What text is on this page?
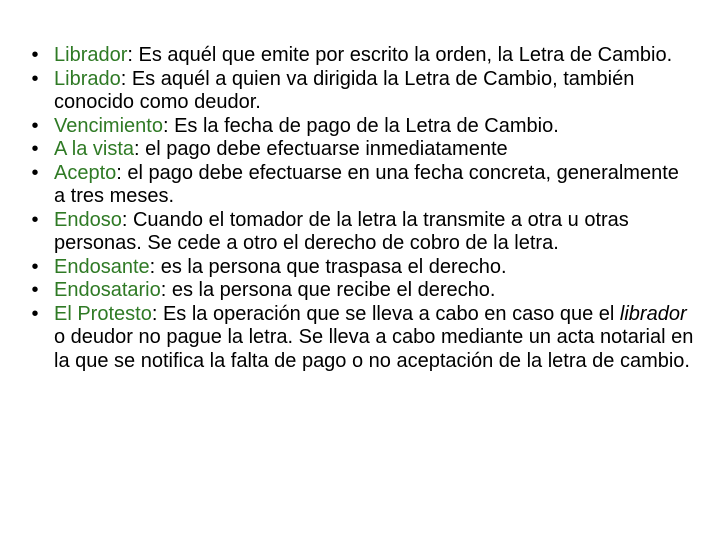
• Librador: Es aquél que emite por escrito la orden, la Letra de Cambio.
• Librado: Es aquél a quien va dirigida la Letra de Cambio, también conocido como deudor.
• Vencimiento: Es la fecha de pago de la Letra de Cambio.
• A la vista: el pago debe efectuarse inmediatamente
• Acepto: el pago debe efectuarse en una fecha concreta, generalmente a tres meses.
• Endoso: Cuando el tomador de la letra la transmite a otra u otras personas. Se cede a otro el derecho de cobro de la letra.
• Endosante: es la persona que traspasa el derecho.
• Endosatario: es la persona que recibe el derecho.
• El Protesto: Es la operación que se lleva a cabo en caso que el librador o deudor no pague la letra. Se lleva a cabo mediante un acta notarial en la que se notifica la falta de pago o no aceptación de la letra de cambio.
